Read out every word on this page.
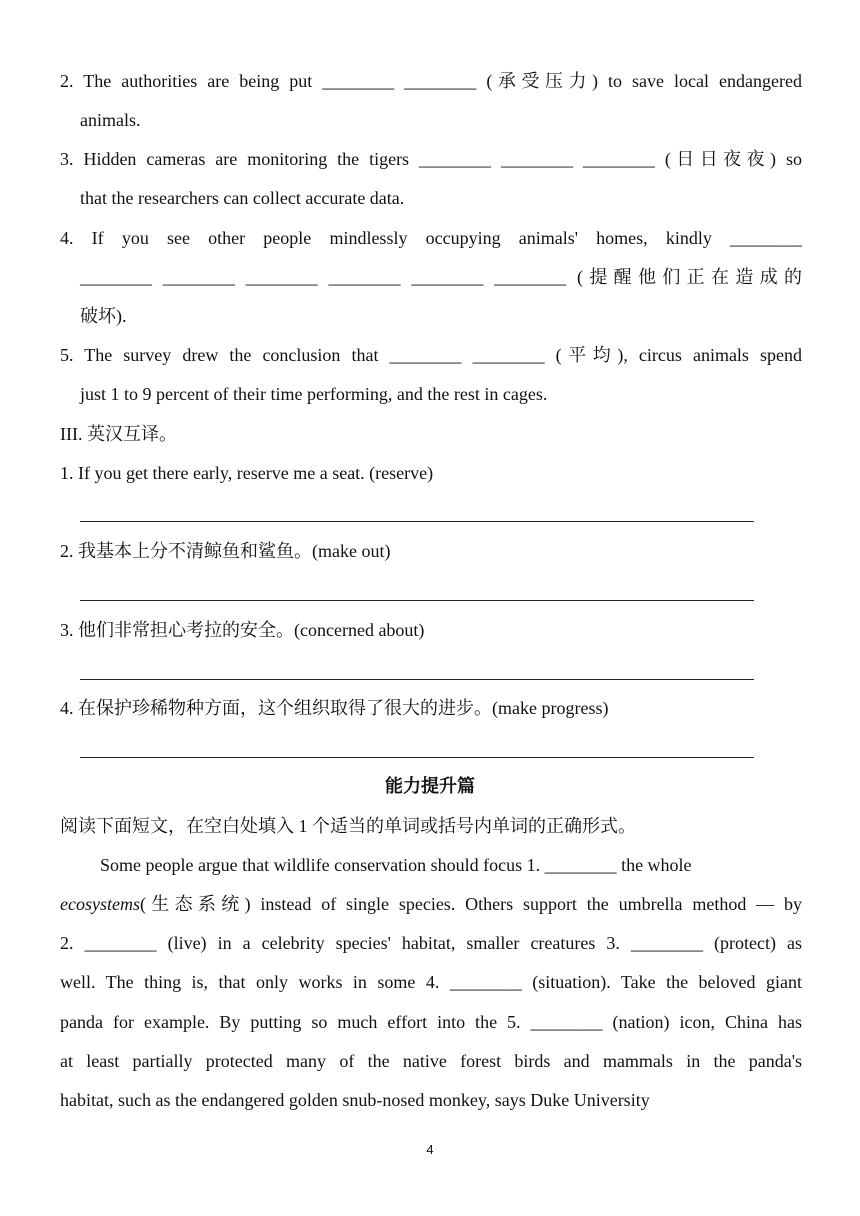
2. The authorities are being put ________ ________ (承受压力) to save local endangered
animals.
3. Hidden cameras are monitoring the tigers ________ ________ ________ (日日夜夜) so
that the researchers can collect accurate data.
4. If you see other people mindlessly occupying animals' homes, kindly ________
________ ________ ________ ________ ________ ________ (提醒他们正在造成的
破坏).
5. The survey drew the conclusion that ________ ________ (平均), circus animals spend
just 1 to 9 percent of their time performing, and the rest in cages.
III. 英汉互译。
1. If you get there early, reserve me a seat. (reserve)
2. 我基本上分不清鲸鱼和鲨鱼。(make out)
3. 他们非常担心考拉的安全。(concerned about)
4. 在保护珍稀物种方面，这个组织取得了很大的进步。(make progress)
能力提升篇
阅读下面短文，在空白处填入 1 个适当的单词或括号内单词的正确形式。
Some people argue that wildlife conservation should focus 1. ________ the whole
ecosystems(生态系统) instead of single species. Others support the umbrella method — by
2. ________ (live) in a celebrity species' habitat, smaller creatures 3. ________ (protect) as
well. The thing is, that only works in some 4. ________ (situation). Take the beloved giant
panda for example. By putting so much effort into the 5. ________ (nation) icon, China has
at least partially protected many of the native forest birds and mammals in the panda's
habitat, such as the endangered golden snub-nosed monkey, says Duke University
4
